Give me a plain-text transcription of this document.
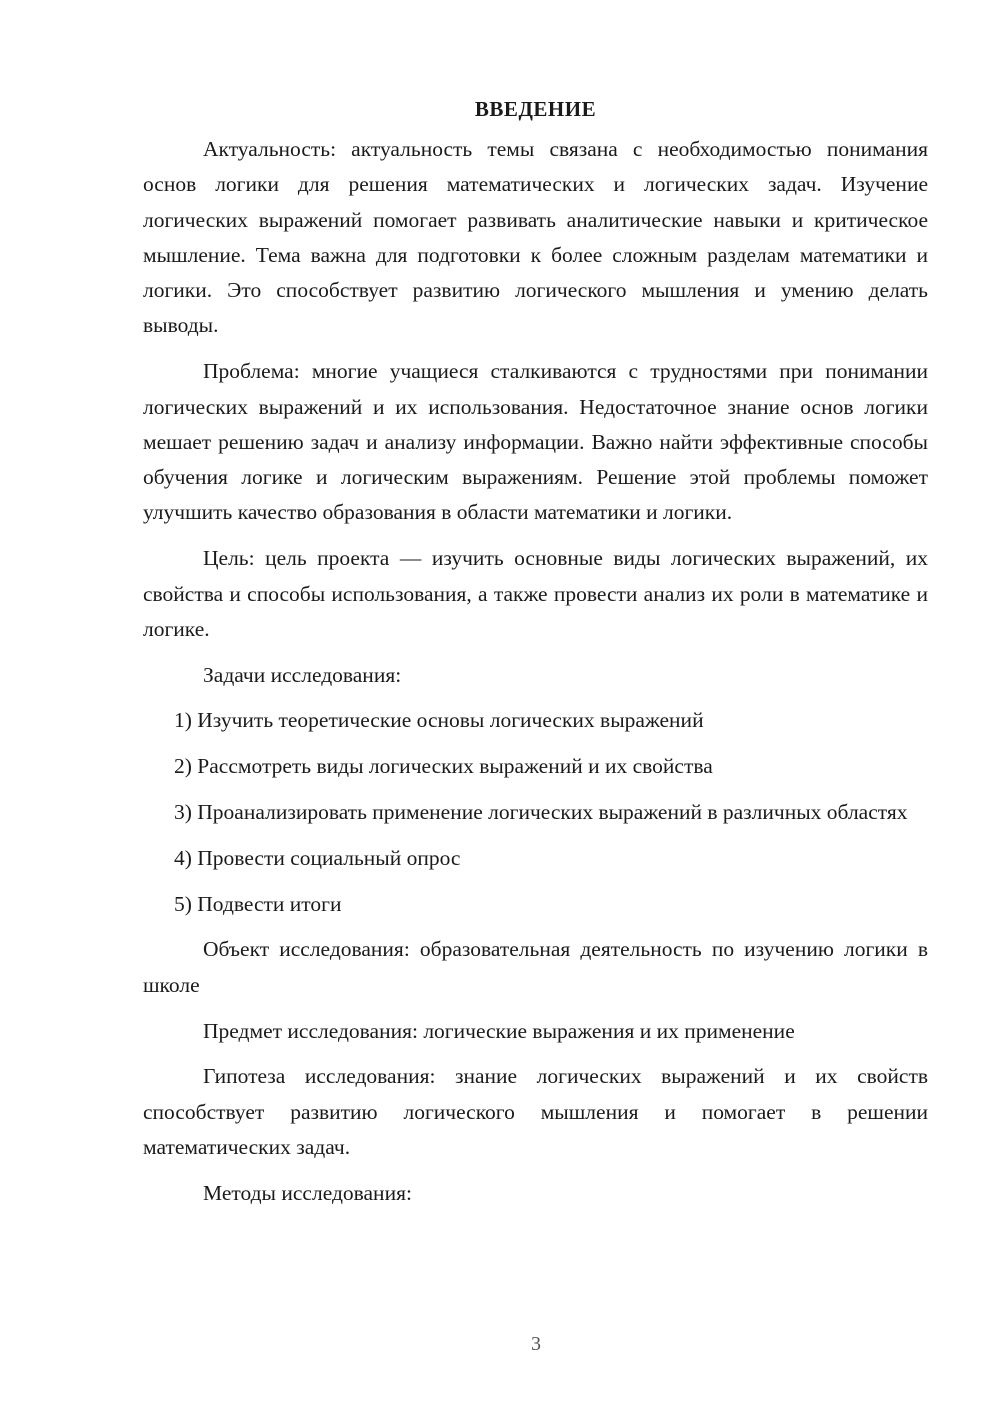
ВВЕДЕНИЕ

Актуальность: актуальность темы связана с необходимостью понимания основ логики для решения математических и логических задач. Изучение логических выражений помогает развивать аналитические навыки и критическое мышление. Тема важна для подготовки к более сложным разделам математики и логики. Это способствует развитию логического мышления и умению делать выводы.

Проблема: многие учащиеся сталкиваются с трудностями при понимании логических выражений и их использования. Недостаточное знание основ логики мешает решению задач и анализу информации. Важно найти эффективные способы обучения логике и логическим выражениям. Решение этой проблемы поможет улучшить качество образования в области математики и логики.

Цель: цель проекта — изучить основные виды логических выражений, их свойства и способы использования, а также провести анализ их роли в математике и логике.

Задачи исследования:

1) Изучить теоретические основы логических выражений

2) Рассмотреть виды логических выражений и их свойства

3) Проанализировать применение логических выражений в различных областях

4) Провести социальный опрос

5) Подвести итоги

Объект исследования: образовательная деятельность по изучению логики в школе

Предмет исследования: логические выражения и их применение

Гипотеза исследования: знание логических выражений и их свойств способствует развитию логического мышления и помогает в решении математических задач.

Методы исследования:

3
